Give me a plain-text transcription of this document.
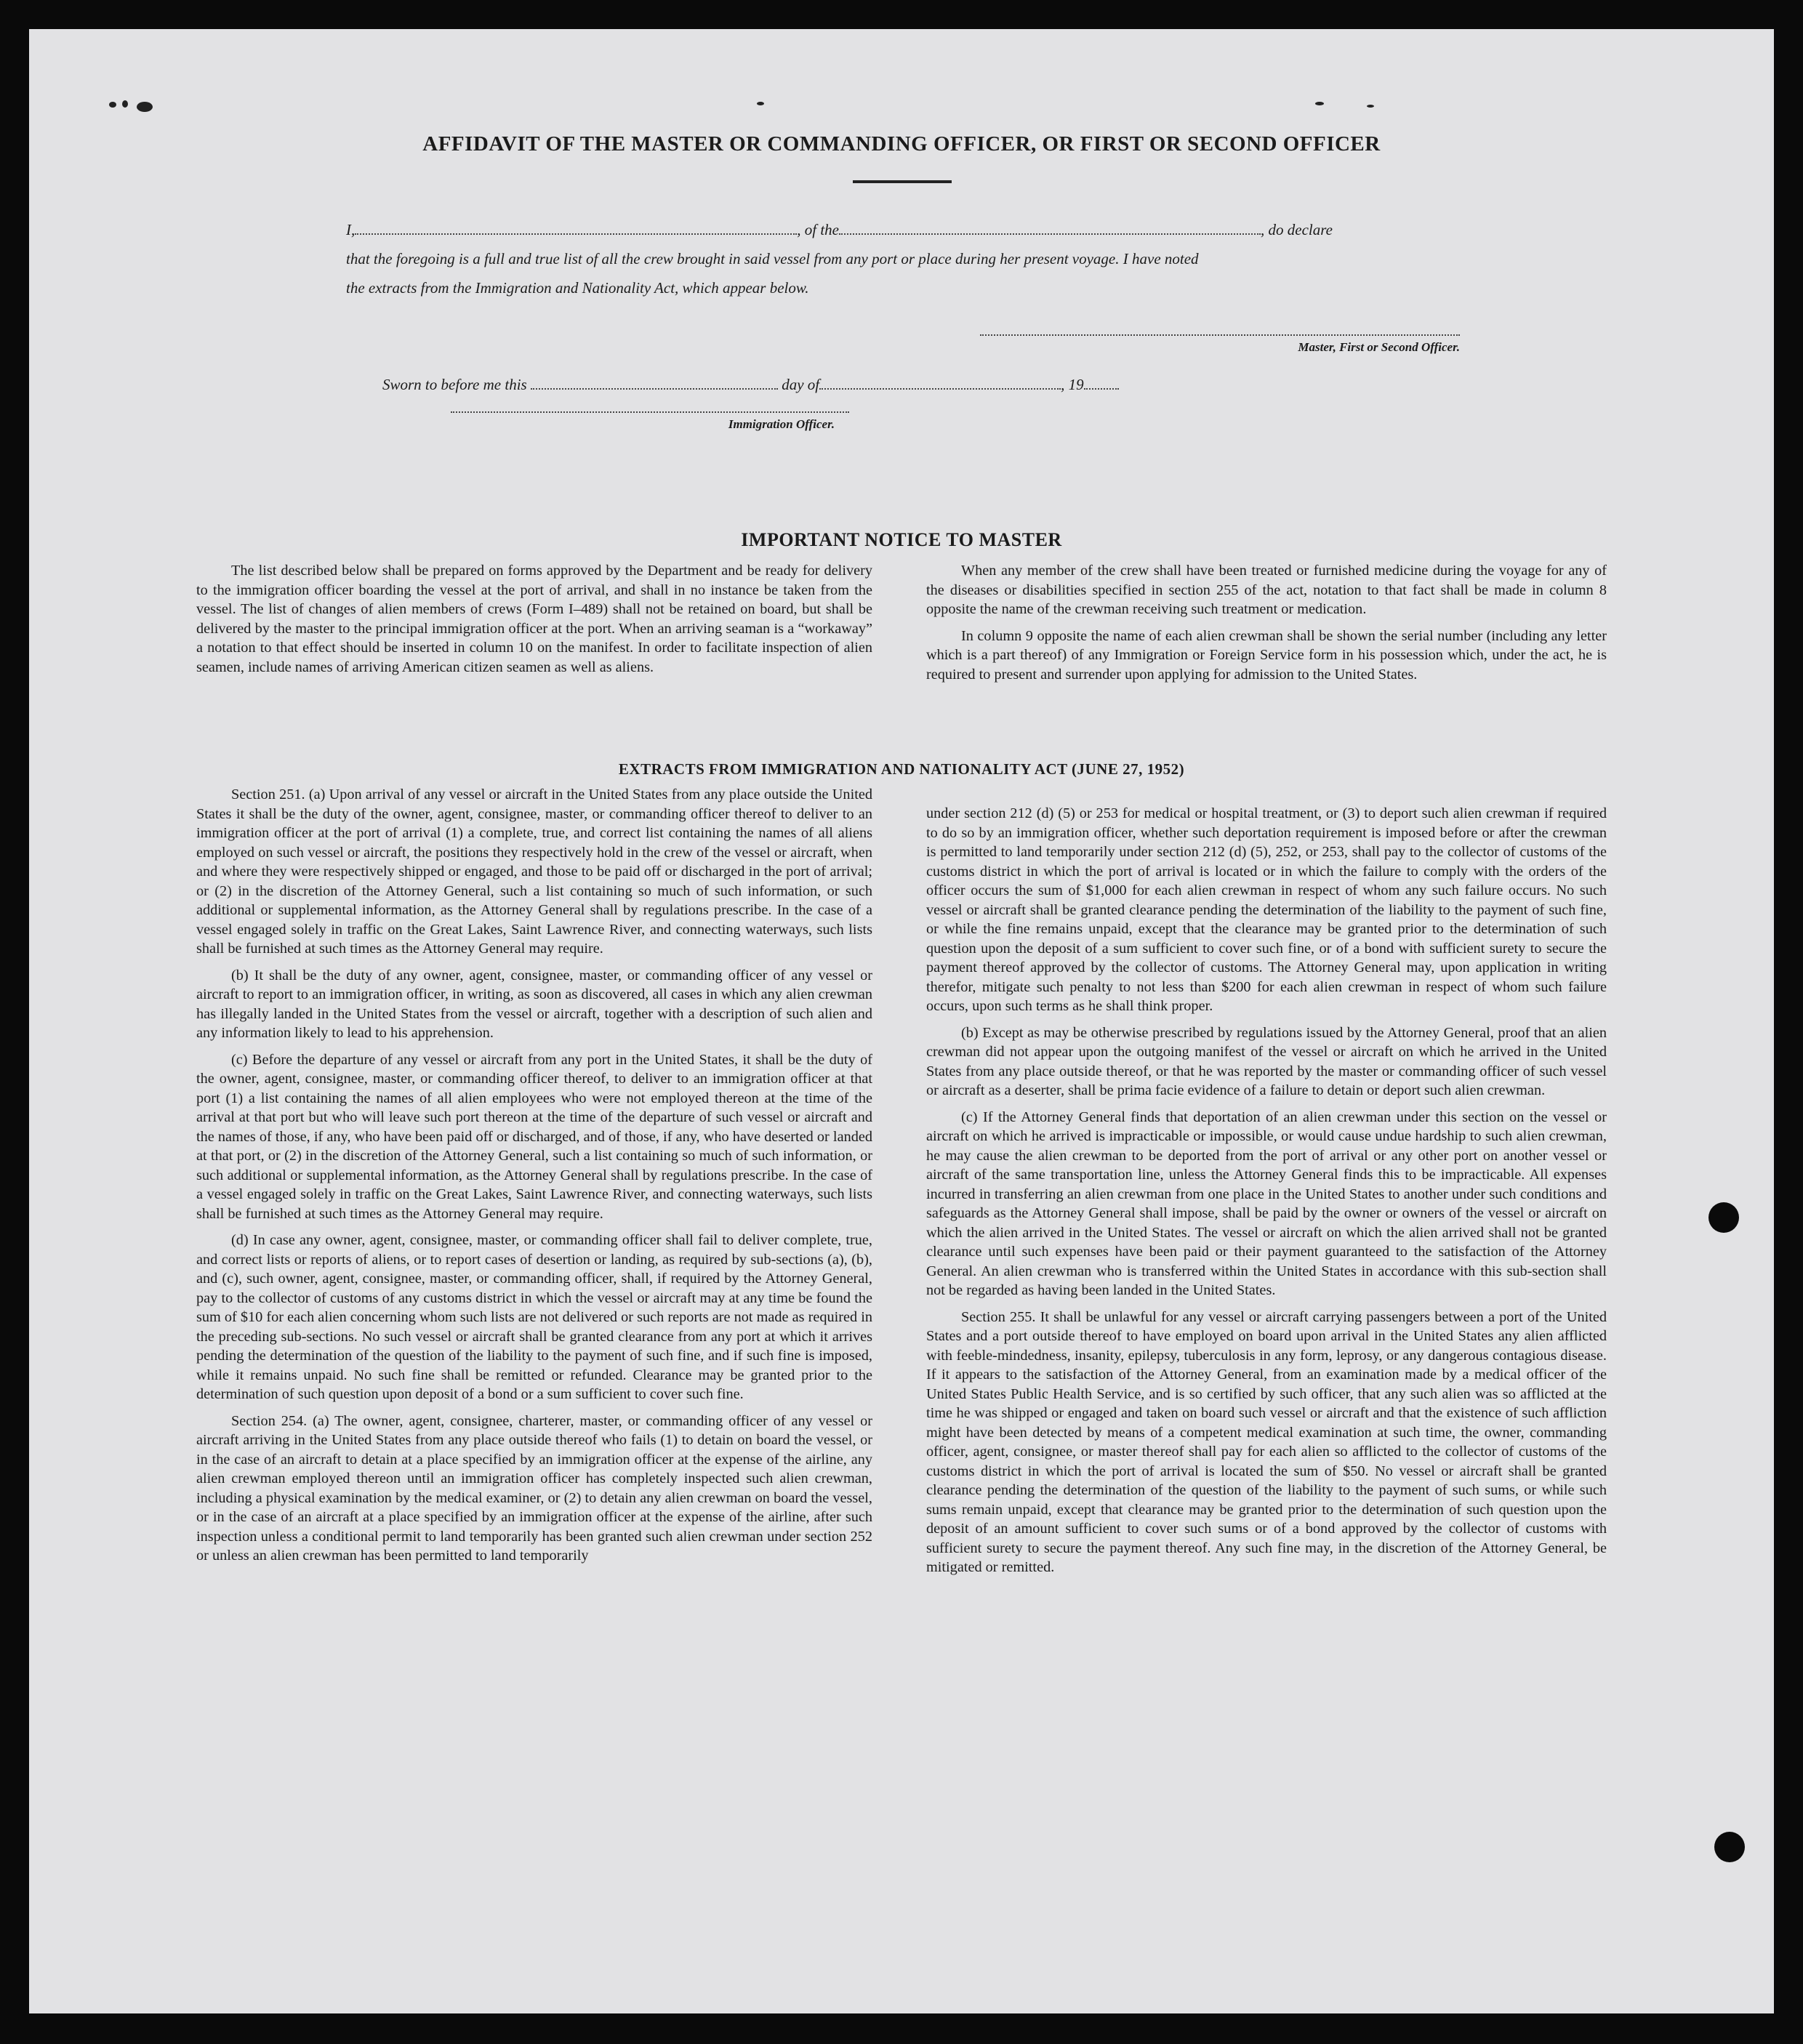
AFFIDAVIT OF THE MASTER OR COMMANDING OFFICER, OR FIRST OR SECOND OFFICER
I,	, of the	, do declare
that the foregoing is a full and true list of all the crew brought in said vessel from any port or place during her present voyage. I have noted
the extracts from the Immigration and Nationality Act, which appear below.
Master, First or Second Officer.
Sworn to before me this	day of	, 19
Immigration Officer.
IMPORTANT NOTICE TO MASTER

The list described below shall be prepared on forms approved by the Department and be ready for delivery to the immigration officer boarding the vessel at the port of arrival, and shall in no instance be taken from the vessel. The list of changes of alien members of crews (Form I–489) shall not be retained on board, but shall be delivered by the master to the principal immigration officer at the port. When an arriving seaman is a “workaway” a notation to that effect should be inserted in column 10 on the manifest. In order to facilitate inspection of alien seamen, include names of arriving American citizen seamen as well as aliens.

When any member of the crew shall have been treated or furnished medicine during the voyage for any of the diseases or disabilities specified in section 255 of the act, notation to that fact shall be made in column 8 opposite the name of the crewman receiving such treatment or medication.

In column 9 opposite the name of each alien crewman shall be shown the serial number (including any letter which is a part thereof) of any Immigration or Foreign Service form in his possession which, under the act, he is required to present and surrender upon applying for admission to the United States.

EXTRACTS FROM IMMIGRATION AND NATIONALITY ACT (JUNE 27, 1952)

Section 251. (a) Upon arrival of any vessel or aircraft in the United States from any place outside the United States it shall be the duty of the owner, agent, consignee, master, or commanding officer thereof to deliver to an immigration officer at the port of arrival (1) a complete, true, and correct list containing the names of all aliens employed on such vessel or aircraft, the positions they respectively hold in the crew of the vessel or aircraft, when and where they were respectively shipped or engaged, and those to be paid off or discharged in the port of arrival; or (2) in the discretion of the Attorney General, such a list containing so much of such information, or such additional or supplemental information, as the Attorney General shall by regulations prescribe. In the case of a vessel engaged solely in traffic on the Great Lakes, Saint Lawrence River, and connecting waterways, such lists shall be furnished at such times as the Attorney General may require.

(b) It shall be the duty of any owner, agent, consignee, master, or commanding officer of any vessel or aircraft to report to an immigration officer, in writing, as soon as discovered, all cases in which any alien crewman has illegally landed in the United States from the vessel or aircraft, together with a description of such alien and any information likely to lead to his apprehension.

(c) Before the departure of any vessel or aircraft from any port in the United States, it shall be the duty of the owner, agent, consignee, master, or commanding officer thereof, to deliver to an immigration officer at that port (1) a list containing the names of all alien employees who were not employed thereon at the time of the arrival at that port but who will leave such port thereon at the time of the departure of such vessel or aircraft and the names of those, if any, who have been paid off or discharged, and of those, if any, who have deserted or landed at that port, or (2) in the discretion of the Attorney General, such a list containing so much of such information, or such additional or supplemental information, as the Attorney General shall by regulations prescribe. In the case of a vessel engaged solely in traffic on the Great Lakes, Saint Lawrence River, and connecting waterways, such lists shall be furnished at such times as the Attorney General may require.

(d) In case any owner, agent, consignee, master, or commanding officer shall fail to deliver complete, true, and correct lists or reports of aliens, or to report cases of desertion or landing, as required by sub-sections (a), (b), and (c), such owner, agent, consignee, master, or commanding officer, shall, if required by the Attorney General, pay to the collector of customs of any customs district in which the vessel or aircraft may at any time be found the sum of $10 for each alien concerning whom such lists are not delivered or such reports are not made as required in the preceding sub-sections. No such vessel or aircraft shall be granted clearance from any port at which it arrives pending the determination of the question of the liability to the payment of such fine, and if such fine is imposed, while it remains unpaid. No such fine shall be remitted or refunded. Clearance may be granted prior to the determination of such question upon deposit of a bond or a sum sufficient to cover such fine.

Section 254. (a) The owner, agent, consignee, charterer, master, or commanding officer of any vessel or aircraft arriving in the United States from any place outside thereof who fails (1) to detain on board the vessel, or in the case of an aircraft to detain at a place specified by an immigration officer at the expense of the airline, any alien crewman employed thereon until an immigration officer has completely inspected such alien crewman, including a physical examination by the medical examiner, or (2) to detain any alien crewman on board the vessel, or in the case of an aircraft at a place specified by an immigration officer at the expense of the airline, after such inspection unless a conditional permit to land temporarily has been granted such alien crewman under section 252 or unless an alien crewman has been permitted to land temporarily

under section 212 (d) (5) or 253 for medical or hospital treatment, or (3) to deport such alien crewman if required to do so by an immigration officer, whether such deportation requirement is imposed before or after the crewman is permitted to land temporarily under section 212 (d) (5), 252, or 253, shall pay to the collector of customs of the customs district in which the port of arrival is located or in which the failure to comply with the orders of the officer occurs the sum of $1,000 for each alien crewman in respect of whom any such failure occurs. No such vessel or aircraft shall be granted clearance pending the determination of the liability to the payment of such fine, or while the fine remains unpaid, except that the clearance may be granted prior to the determination of such question upon the deposit of a sum sufficient to cover such fine, or of a bond with sufficient surety to secure the payment thereof approved by the collector of customs. The Attorney General may, upon application in writing therefor, mitigate such penalty to not less than $200 for each alien crewman in respect of whom such failure occurs, upon such terms as he shall think proper.

(b) Except as may be otherwise prescribed by regulations issued by the Attorney General, proof that an alien crewman did not appear upon the outgoing manifest of the vessel or aircraft on which he arrived in the United States from any place outside thereof, or that he was reported by the master or commanding officer of such vessel or aircraft as a deserter, shall be prima facie evidence of a failure to detain or deport such alien crewman.

(c) If the Attorney General finds that deportation of an alien crewman under this section on the vessel or aircraft on which he arrived is impracticable or impossible, or would cause undue hardship to such alien crewman, he may cause the alien crewman to be deported from the port of arrival or any other port on another vessel or aircraft of the same transportation line, unless the Attorney General finds this to be impracticable. All expenses incurred in transferring an alien crewman from one place in the United States to another under such conditions and safeguards as the Attorney General shall impose, shall be paid by the owner or owners of the vessel or aircraft on which the alien arrived in the United States. The vessel or aircraft on which the alien arrived shall not be granted clearance until such expenses have been paid or their payment guaranteed to the satisfaction of the Attorney General. An alien crewman who is transferred within the United States in accordance with this sub-section shall not be regarded as having been landed in the United States.

Section 255. It shall be unlawful for any vessel or aircraft carrying passengers between a port of the United States and a port outside thereof to have employed on board upon arrival in the United States any alien afflicted with feeble-mindedness, insanity, epilepsy, tuberculosis in any form, leprosy, or any dangerous contagious disease. If it appears to the satisfaction of the Attorney General, from an examination made by a medical officer of the United States Public Health Service, and is so certified by such officer, that any such alien was so afflicted at the time he was shipped or engaged and taken on board such vessel or aircraft and that the existence of such affliction might have been detected by means of a competent medical examination at such time, the owner, commanding officer, agent, consignee, or master thereof shall pay for each alien so afflicted to the collector of customs of the customs district in which the port of arrival is located the sum of $50. No vessel or aircraft shall be granted clearance pending the determination of the question of the liability to the payment of such sums, or while such sums remain unpaid, except that clearance may be granted prior to the determination of such question upon the deposit of an amount sufficient to cover such sums or of a bond approved by the collector of customs with sufficient surety to secure the payment thereof. Any such fine may, in the discretion of the Attorney General, be mitigated or remitted.
